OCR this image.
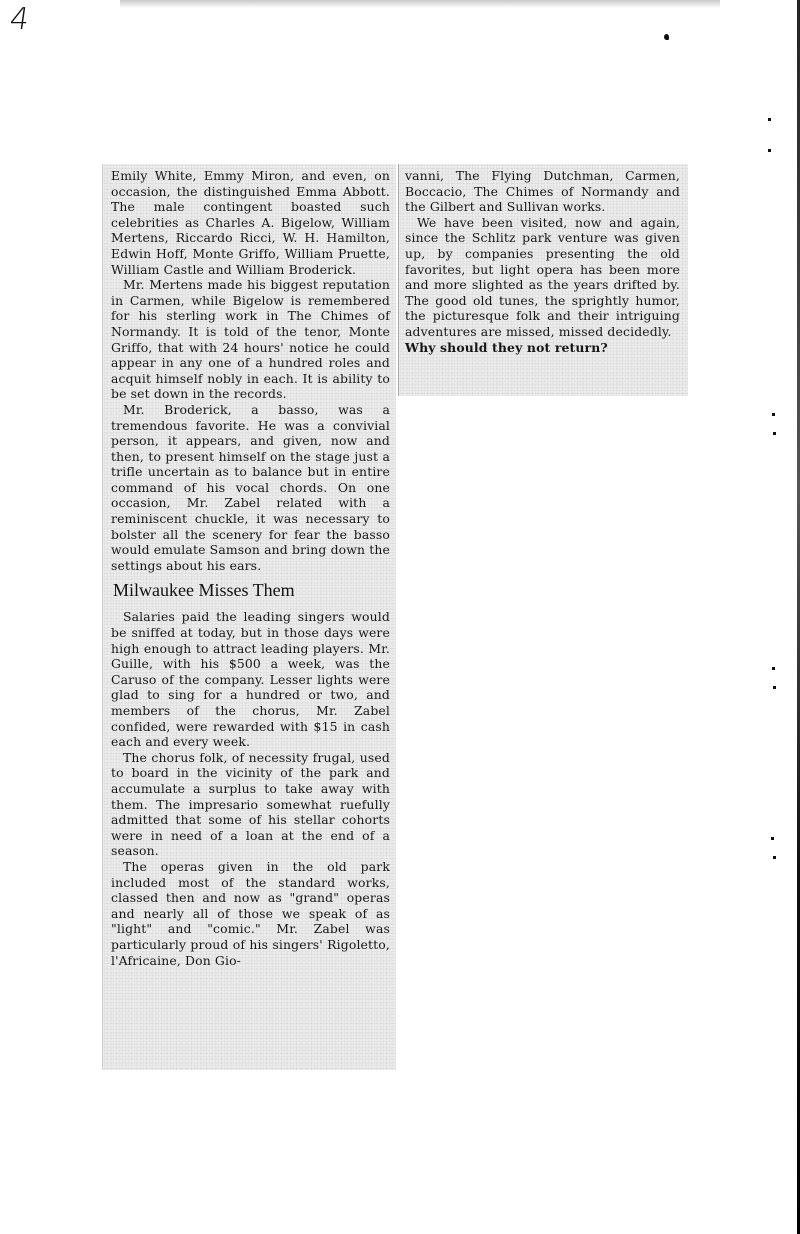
4

Emily White, Emmy Miron, and even, on occasion, the distinguished Emma Abbott. The male contingent boasted such celebrities as Charles A. Bigelow, William Mertens, Riccardo Ricci, W. H. Hamilton, Edwin Hoff, Monte Griffo, William Pruette, William Castle and William Broderick.

Mr. Mertens made his biggest reputation in Carmen, while Bigelow is remembered for his sterling work in The Chimes of Normandy. It is told of the tenor, Monte Griffo, that with 24 hours' notice he could appear in any one of a hundred roles and acquit himself nobly in each. It is ability to be set down in the records.

Mr. Broderick, a basso, was a tremendous favorite. He was a convivial person, it appears, and given, now and then, to present himself on the stage just a trifle uncertain as to balance but in entire command of his vocal chords. On one occasion, Mr. Zabel related with a reminiscent chuckle, it was necessary to bolster all the scenery for fear the basso would emulate Samson and bring down the settings about his ears.

Milwaukee Misses Them

Salaries paid the leading singers would be sniffed at today, but in those days were high enough to attract leading players. Mr. Guille, with his $500 a week, was the Caruso of the company. Lesser lights were glad to sing for a hundred or two, and members of the chorus, Mr. Zabel confided, were rewarded with $15 in cash each and every week.

The chorus folk, of necessity frugal, used to board in the vicinity of the park and accumulate a surplus to take away with them. The impresario somewhat ruefully admitted that some of his stellar cohorts were in need of a loan at the end of a season.

The operas given in the old park included most of the standard works, classed then and now as "grand" operas and nearly all of those we speak of as "light" and "comic." Mr. Zabel was particularly proud of his singers' Rigoletto, l'Africaine, Don Gio-

vanni, The Flying Dutchman, Carmen, Boccacio, The Chimes of Normandy and the Gilbert and Sullivan works.

We have been visited, now and again, since the Schlitz park venture was given up, by companies presenting the old favorites, but light opera has been more and more slighted as the years drifted by. The good old tunes, the sprightly humor, the picturesque folk and their intriguing adventures are missed, missed decidedly.

Why should they not return?
